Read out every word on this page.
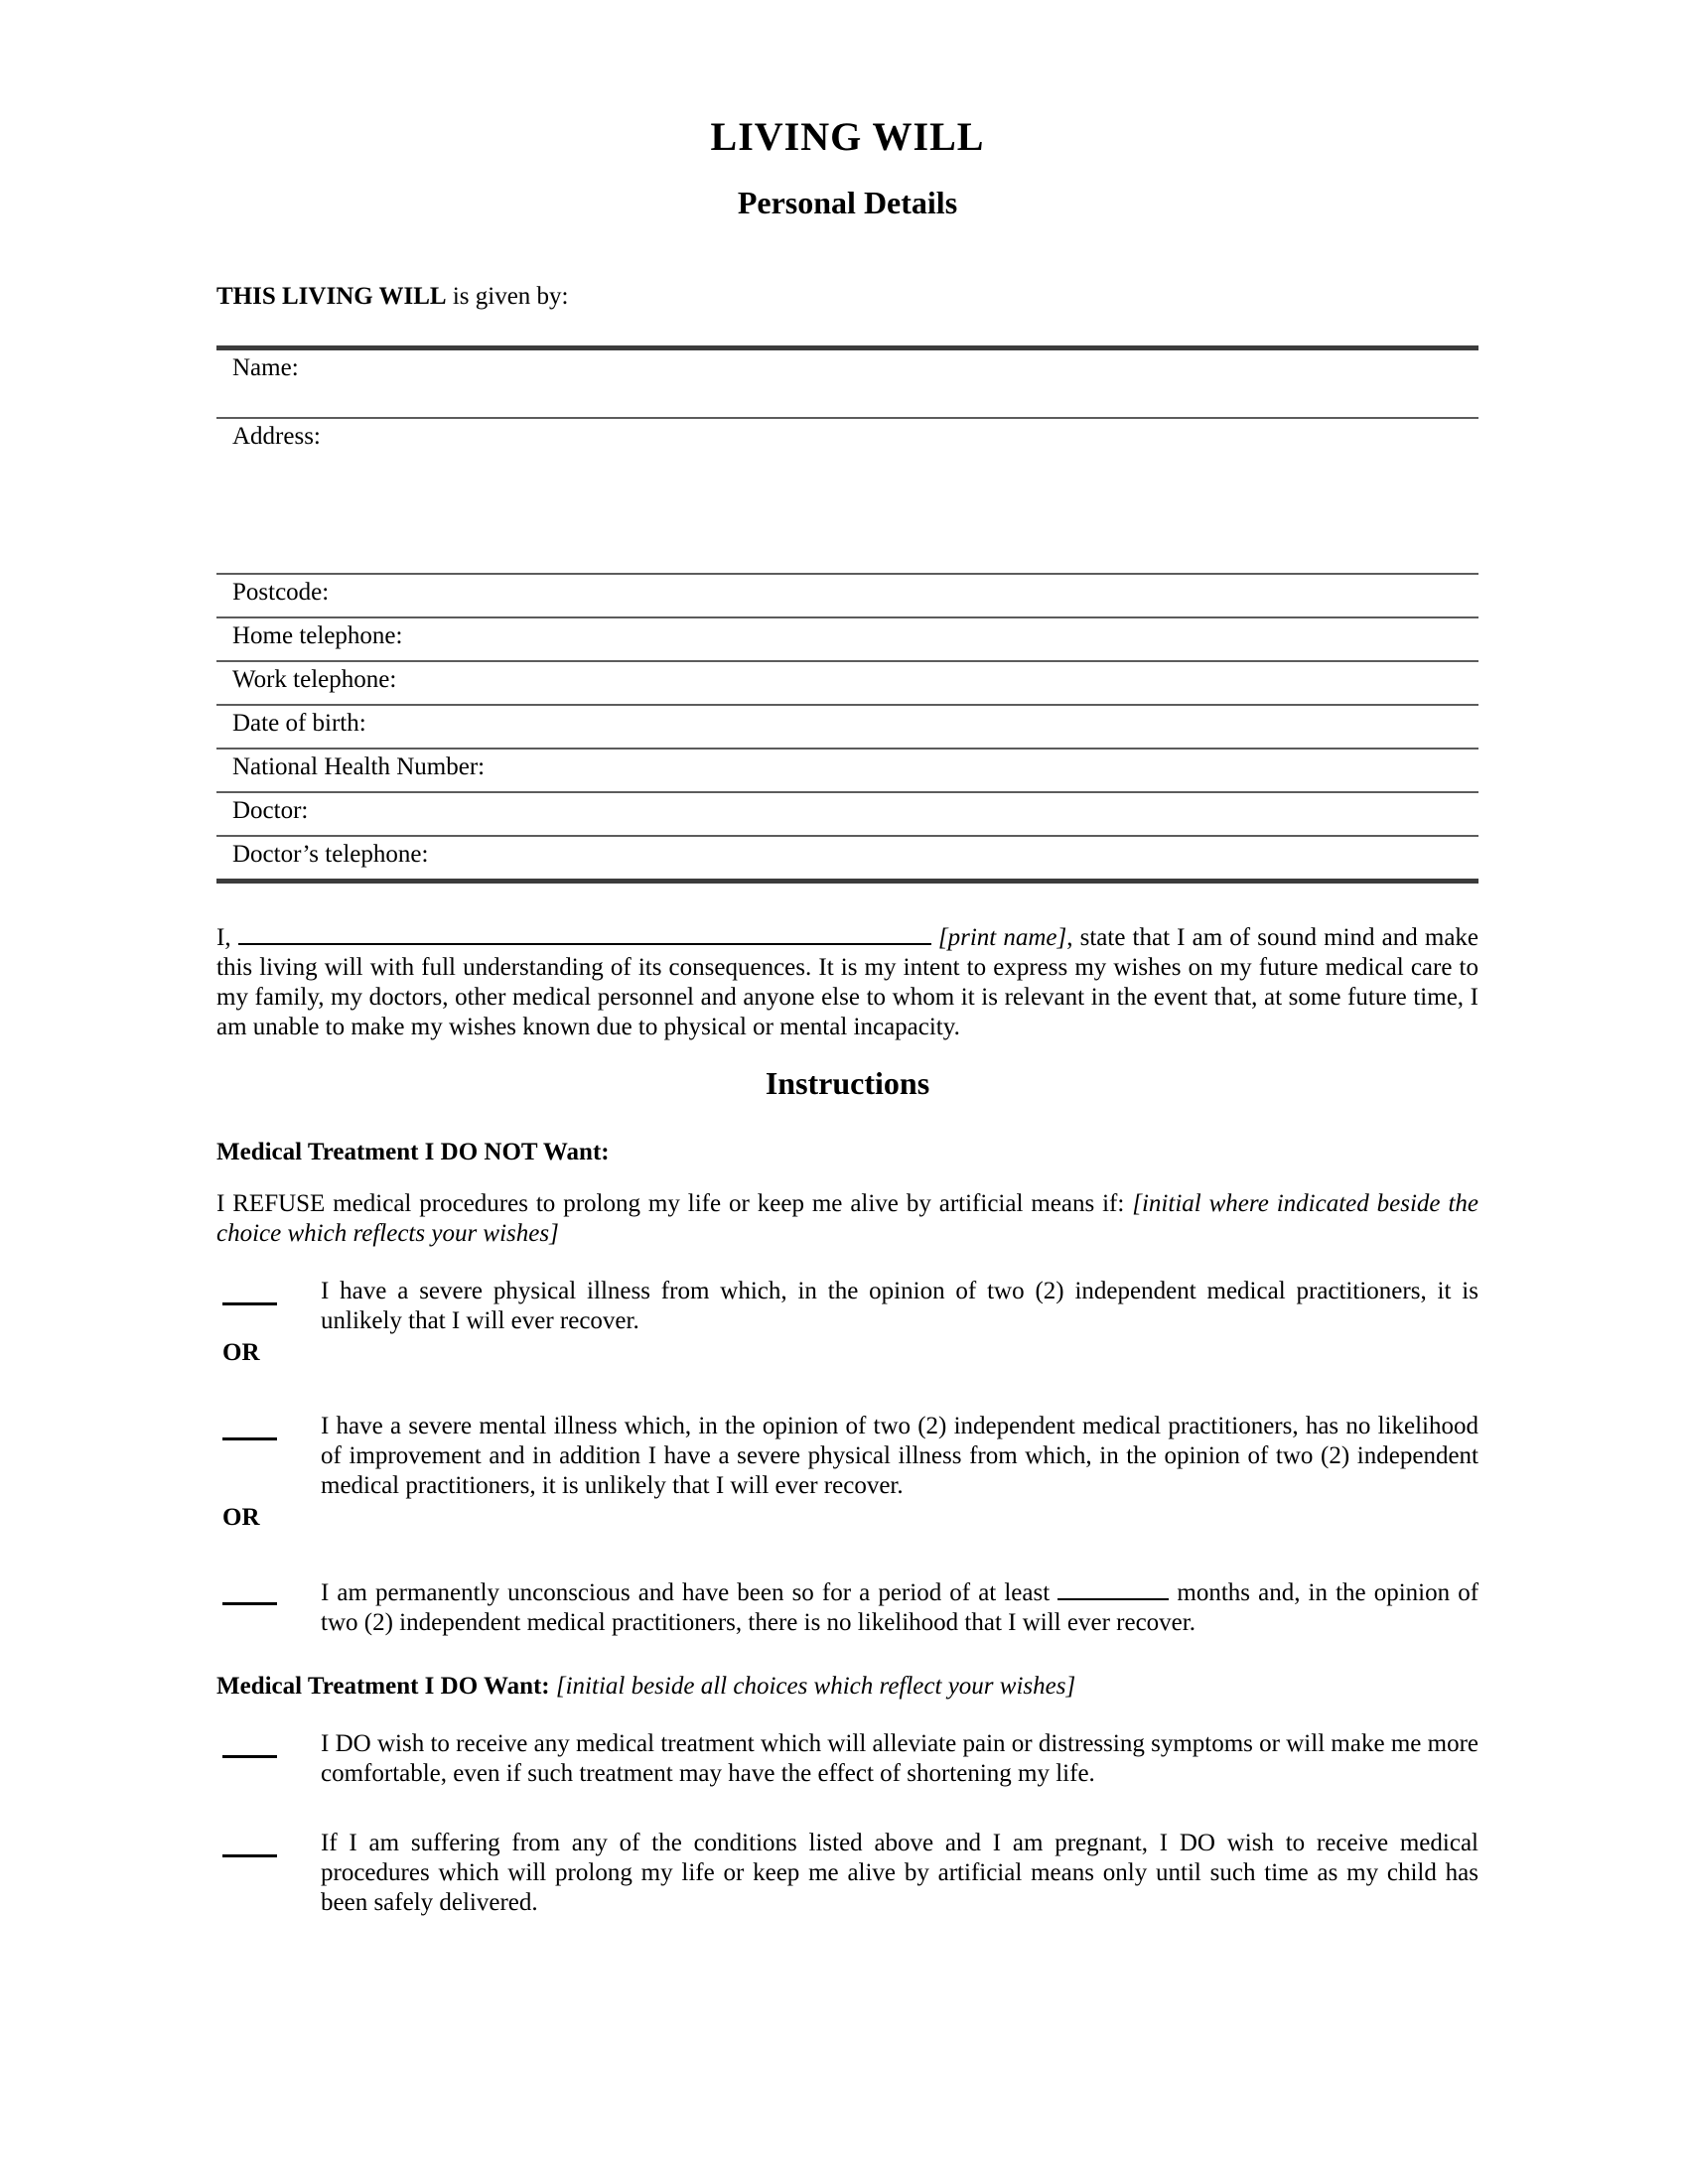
LIVING WILL
Personal Details
THIS LIVING WILL is given by:
Name:

Address:

Postcode:

Home telephone:

Work telephone:

Date of birth:

National Health Number:

Doctor:

Doctor’s telephone:
I,	[print name], state that I am of sound mind and make this living will with full understanding of its consequences. It is my intent to express my wishes on my future medical care to my family, my doctors, other medical personnel and anyone else to whom it is relevant in the event that, at some future time, I am unable to make my wishes known due to physical or mental incapacity.
Instructions
Medical Treatment I DO NOT Want:
I REFUSE medical procedures to prolong my life or keep me alive by artificial means if: [initial where indicated beside the choice which reflects your wishes]
I have a severe physical illness from which, in the opinion of two (2) independent medical practitioners, it is unlikely that I will ever recover.
OR
I have a severe mental illness which, in the opinion of two (2) independent medical practitioners, has no likelihood of improvement and in addition I have a severe physical illness from which, in the opinion of two (2) independent medical practitioners, it is unlikely that I will ever recover.
OR
I am permanently unconscious and have been so for a period of at least	months and, in the opinion of two (2) independent medical practitioners, there is no likelihood that I will ever recover.
Medical Treatment I DO Want: [initial beside all choices which reflect your wishes]
I DO wish to receive any medical treatment which will alleviate pain or distressing symptoms or will make me more comfortable, even if such treatment may have the effect of shortening my life.
If I am suffering from any of the conditions listed above and I am pregnant, I DO wish to receive medical procedures which will prolong my life or keep me alive by artificial means only until such time as my child has been safely delivered.
